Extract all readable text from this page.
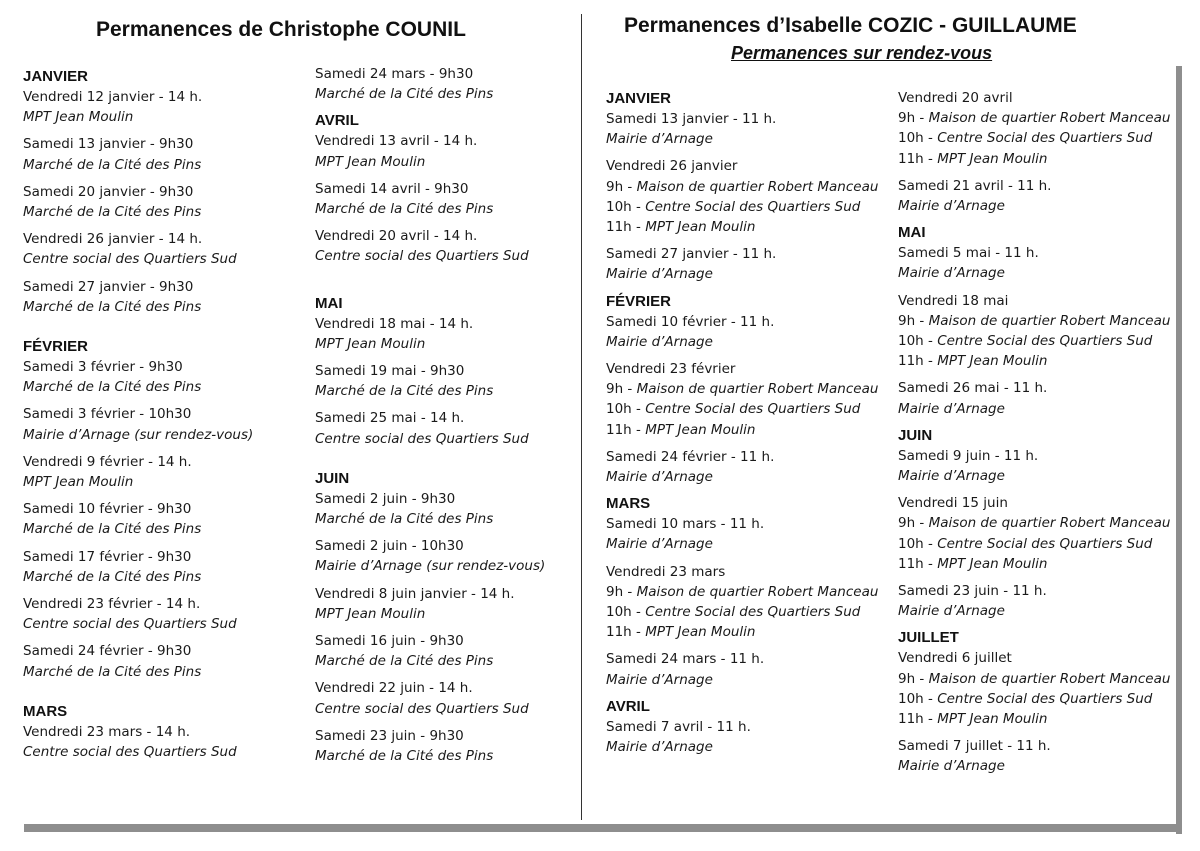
Permanences de Christophe COUNIL	Permanences d’Isabelle COZIC - GUILLAUME
Permanences sur rendez-vous
JANVIER
Vendredi 12 janvier - 14 h.
MPT Jean Moulin
Samedi 13 janvier - 9h30
Marché de la Cité des Pins
Samedi 20 janvier - 9h30
Marché de la Cité des Pins
Vendredi 26 janvier - 14 h.
Centre social des Quartiers Sud
Samedi 27 janvier - 9h30
Marché de la Cité des Pins
FÉVRIER
Samedi 3 février - 9h30
Marché de la Cité des Pins
Samedi 3 février - 10h30
Mairie d’Arnage (sur rendez-vous)
Vendredi 9 février - 14 h.
MPT Jean Moulin
Samedi 10 février - 9h30
Marché de la Cité des Pins
Samedi 17 février - 9h30
Marché de la Cité des Pins
Vendredi 23 février - 14 h.
Centre social des Quartiers Sud
Samedi 24 février - 9h30
Marché de la Cité des Pins
MARS
Vendredi 23 mars - 14 h.
Centre social des Quartiers Sud
Samedi 24 mars - 9h30
Marché de la Cité des Pins
AVRIL
Vendredi 13 avril - 14 h.
MPT Jean Moulin
Samedi 14 avril - 9h30
Marché de la Cité des Pins
Vendredi 20 avril - 14 h.
Centre social des Quartiers Sud
MAI
Vendredi 18 mai - 14 h.
MPT Jean Moulin
Samedi 19 mai - 9h30
Marché de la Cité des Pins
Samedi 25 mai - 14 h.
Centre social des Quartiers Sud
JUIN
Samedi 2 juin - 9h30
Marché de la Cité des Pins
Samedi 2 juin - 10h30
Mairie d’Arnage (sur rendez-vous)
Vendredi 8 juin janvier - 14 h.
MPT Jean Moulin
Samedi 16 juin - 9h30
Marché de la Cité des Pins
Vendredi 22 juin - 14 h.
Centre social des Quartiers Sud
Samedi 23 juin - 9h30
Marché de la Cité des Pins
JANVIER
Samedi 13 janvier - 11 h.
Mairie d’Arnage
Vendredi 26 janvier
9h - Maison de quartier Robert Manceau
10h - Centre Social des Quartiers Sud
11h - MPT Jean Moulin
Samedi 27 janvier - 11 h.
Mairie d’Arnage
FÉVRIER
Samedi 10 février - 11 h.
Mairie d’Arnage
Vendredi 23 février
9h - Maison de quartier Robert Manceau
10h - Centre Social des Quartiers Sud
11h - MPT Jean Moulin
Samedi 24 février - 11 h.
Mairie d’Arnage
MARS
Samedi 10 mars - 11 h.
Mairie d’Arnage
Vendredi 23 mars
9h - Maison de quartier Robert Manceau
10h - Centre Social des Quartiers Sud
11h - MPT Jean Moulin
Samedi 24 mars - 11 h.
Mairie d’Arnage
AVRIL
Samedi 7 avril - 11 h.
Mairie d’Arnage
Vendredi 20 avril
9h - Maison de quartier Robert Manceau
10h - Centre Social des Quartiers Sud
11h - MPT Jean Moulin
Samedi 21 avril - 11 h.
Mairie d’Arnage
MAI
Samedi 5 mai - 11 h.
Mairie d’Arnage
Vendredi 18 mai
9h - Maison de quartier Robert Manceau
10h - Centre Social des Quartiers Sud
11h - MPT Jean Moulin
Samedi 26 mai - 11 h.
Mairie d’Arnage
JUIN
Samedi 9 juin - 11 h.
Mairie d’Arnage
Vendredi 15 juin
9h - Maison de quartier Robert Manceau
10h - Centre Social des Quartiers Sud
11h - MPT Jean Moulin
Samedi 23 juin - 11 h.
Mairie d’Arnage
JUILLET
Vendredi 6 juillet
9h - Maison de quartier Robert Manceau
10h - Centre Social des Quartiers Sud
11h - MPT Jean Moulin
Samedi 7 juillet - 11 h.
Mairie d’Arnage
